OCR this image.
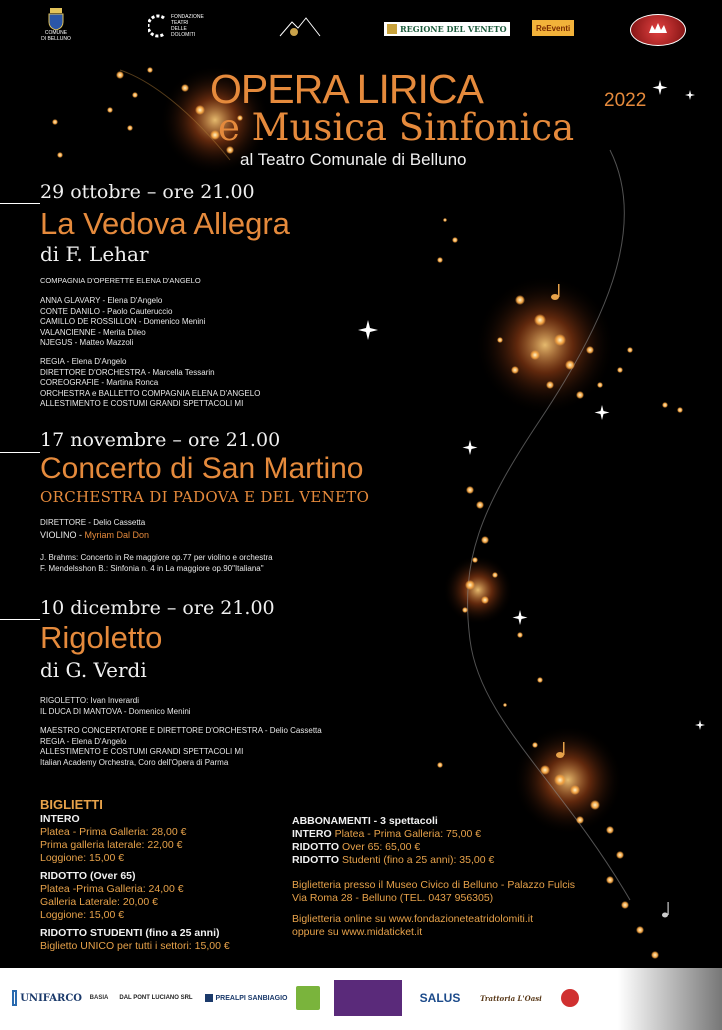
COMUNE
DI BELLUNO
FONDAZIONE
TEATRI
DELLE
DOLOMITI
REGIONE DEL VENETO	ReEventi
OPERA LIRICA
e Musica Sinfonica
2022
al Teatro Comunale di Belluno
29 ottobre – ore 21.00
La Vedova Allegra
di F. Lehar
COMPAGNIA D'OPERETTE ELENA D'ANGELO
ANNA GLAVARY - Elena D'Angelo
CONTE DANILO - Paolo Cauteruccio
CAMILLO DE ROSSILLON - Domenico Menini
VALANCIENNE - Merita Dileo
NJEGUS - Matteo Mazzoli
REGIA - Elena D'Angelo
DIRETTORE D'ORCHESTRA - Marcella Tessarin
COREOGRAFIE - Martina Ronca
ORCHESTRA e BALLETTO COMPAGNIA ELENA D'ANGELO
ALLESTIMENTO E COSTUMI GRANDI SPETTACOLI MI
17 novembre – ore 21.00
Concerto di San Martino
ORCHESTRA DI PADOVA E DEL VENETO
DIRETTORE - Delio Cassetta
VIOLINO - Myriam Dal Don
J. Brahms: Concerto in Re maggiore op.77 per violino e orchestra
F. Mendelsshon B.: Sinfonia n. 4 in La maggiore op.90"Italiana"
10 dicembre – ore 21.00
Rigoletto
di G. Verdi
RIGOLETTO: Ivan Inverardi
IL DUCA DI MANTOVA - Domenico Menini
MAESTRO CONCERTATORE E DIRETTORE D'ORCHESTRA - Delio Cassetta
REGIA - Elena D'Angelo
ALLESTIMENTO E COSTUMI GRANDI SPETTACOLI MI
Italian Academy Orchestra, Coro dell'Opera di Parma
BIGLIETTI
INTERO
Platea - Prima Galleria: 28,00 €
Prima galleria laterale: 22,00 €
Loggione: 15,00 €
RIDOTTO (Over 65)
Platea -Prima Galleria: 24,00 €
Galleria Laterale: 20,00 €
Loggione: 15,00 €
RIDOTTO STUDENTI (fino a 25 anni)
Biglietto UNICO per tutti i settori: 15,00 €
ABBONAMENTI - 3 spettacoli
INTERO Platea - Prima Galleria: 75,00 €
RIDOTTO Over 65: 65,00 €
RIDOTTO Studenti (fino a 25 anni): 35,00 €
Biglietteria presso il Museo Civico di Belluno - Palazzo Fulcis
Via Roma 28 - Belluno (TEL. 0437 956305)
Biglietteria online su www.fondazioneteatridolomiti.it
oppure su www.midaticket.it
UNIFARCO	BASIA	DAL PONT LUCIANO SRL	PREALPI SANBIAGIO	SALUS	Trattoria L'Oasi
